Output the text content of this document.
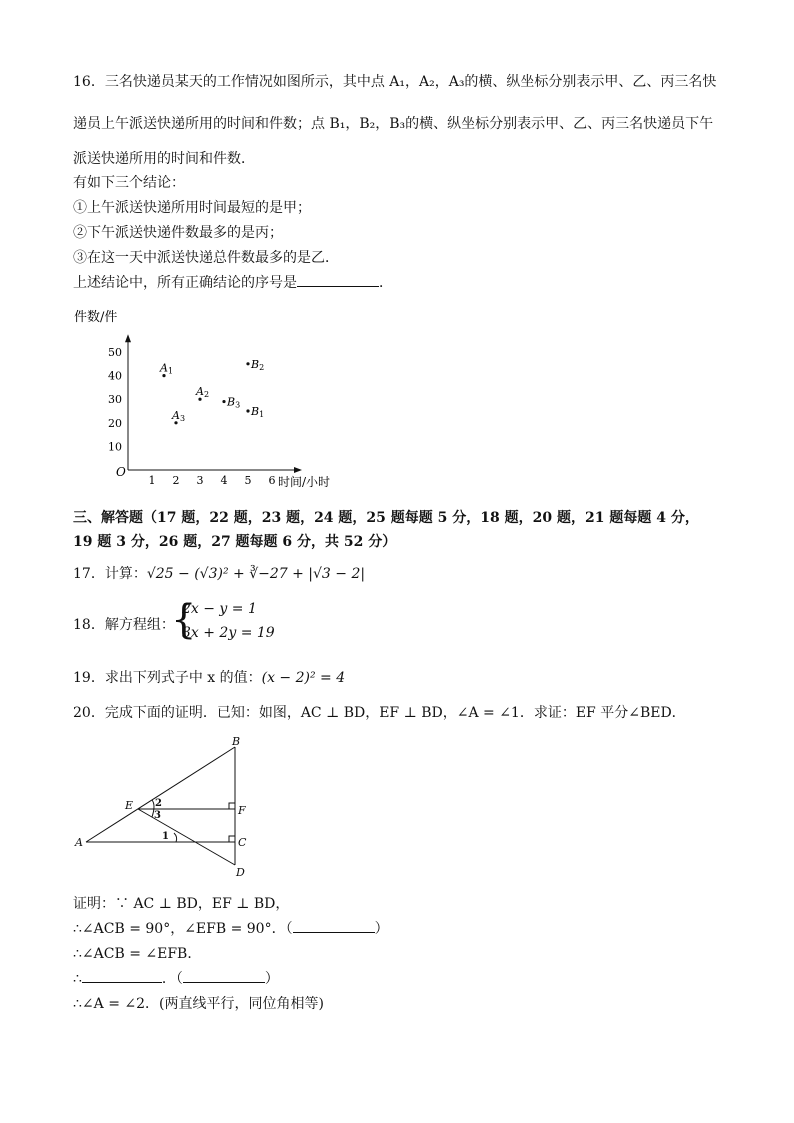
16．三名快递员某天的工作情况如图所示，其中点 A₁，A₂，A₃的横、纵坐标分别表示甲、乙、丙三名快
递员上午派送快递所用的时间和件数；点 B₁，B₂，B₃的横、纵坐标分别表示甲、乙、丙三名快递员下午
派送快递所用的时间和件数．
有如下三个结论：
①上午派送快递所用时间最短的是甲；
②下午派送快递件数最多的是丙；
③在这一天中派送快递总件数最多的是乙．
上述结论中，所有正确结论的序号是	．
O
1 2 3 4 5 6
10
20
30
40
50
时间/小时
件数/件
A1
A2
A3
B1
B2
B3
三、解答题（17 题，22 题，23 题，24 题，25 题每题 5 分，18 题，20 题，21 题每题 4 分，
19 题 3 分，26 题，27 题每题 6 分，共 52 分）
17．计算：√25 − (√3)² + ∛−27 + |√3 − 2|
18．解方程组：
{
2x − y = 1
3x + 2y = 19
19．求出下列式子中 x 的值：(x − 2)² = 4
20．完成下面的证明．已知：如图，AC ⊥ BD，EF ⊥ BD，∠A = ∠1．求证：EF 平分∠BED．
B
E	F
A	C
D
2
3
1
证明：∵ AC ⊥ BD，EF ⊥ BD，
∴∠ACB = 90°，∠EFB = 90°．（	）
∴∠ACB = ∠EFB．
∴	．（	）
∴∠A = ∠2．(两直线平行，同位角相等)
